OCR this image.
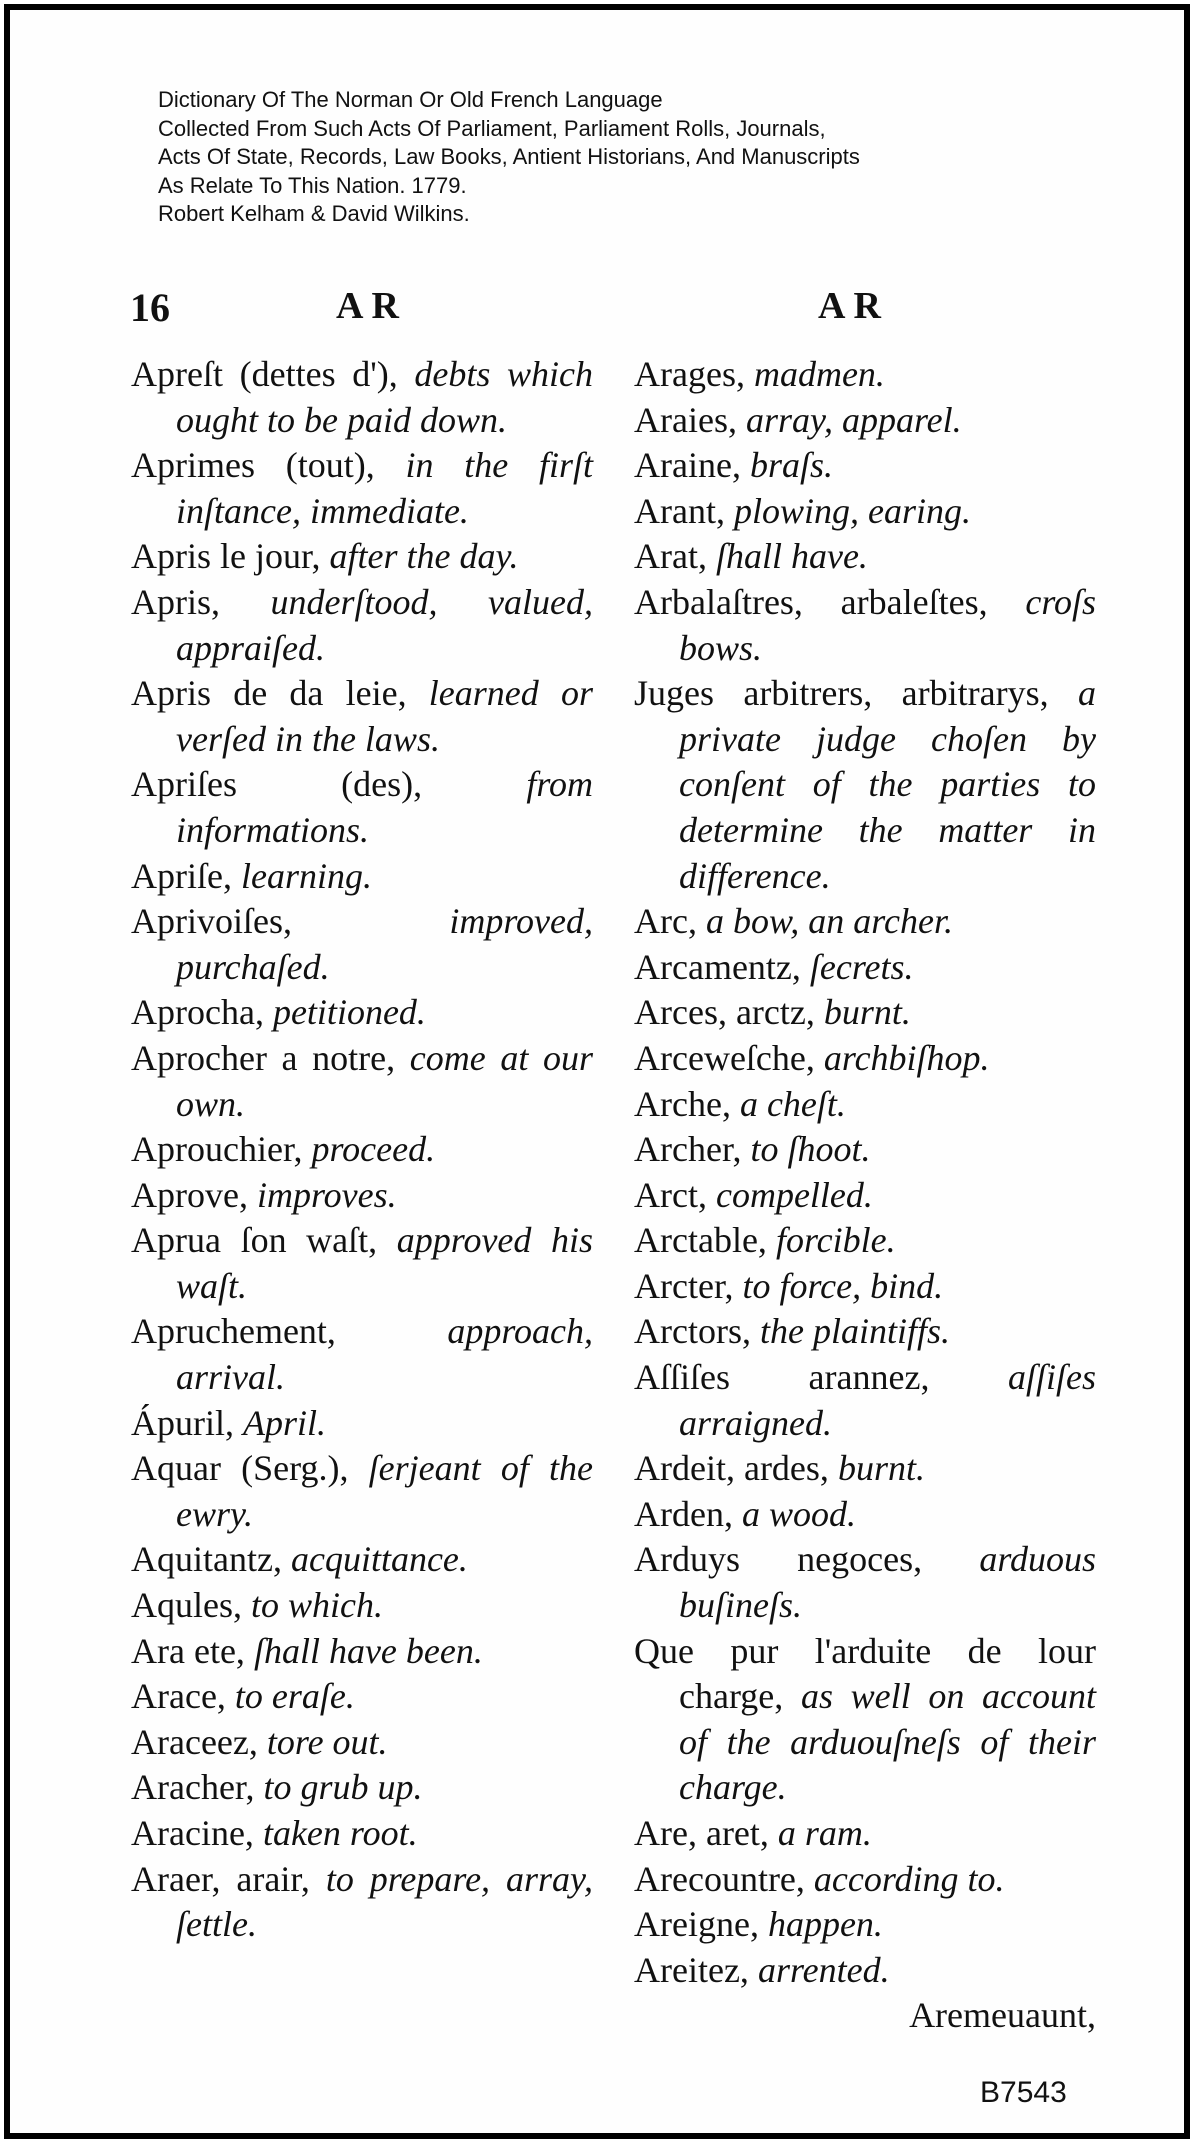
Dictionary Of The Norman Or Old French Language
Collected From Such Acts Of Parliament, Parliament Rolls, Journals,
Acts Of State, Records, Law Books, Antient Historians, And Manuscripts
As Relate To This Nation. 1779.
Robert Kelham & David Wilkins.
16	AR	AR

Apreſt (dettes d'), debts which ought to be paid down.

Aprimes (tout), in the firſt inſtance, immediate.

Apris le jour, after the day.

Apris, underſtood, valued, appraiſed.

Apris de da leie, learned or verſed in the laws.

Apriſes (des),	from informations.

Apriſe, learning.

Aprivoiſes,	improved, purchaſed.

Aprocha, petitioned.

Aprocher a notre, come at our own.

Aprouchier, proceed.

Aprove, improves.

Aprua ſon waſt, approved his waſt.

Apruchement,	approach, arrival.

Ápuril, April.

Aquar (Serg.), ſerjeant of the ewry.

Aquitantz, acquittance.

Aqules, to which.

Ara ete, ſhall have been.

Arace, to eraſe.

Araceez, tore out.

Aracher, to grub up.

Aracine, taken root.

Araer, arair, to prepare, array, ſettle.

Arages, madmen.

Araies, array, apparel.

Araine, braſs.

Arant, plowing, earing.

Arat, ſhall have.

Arbalaſtres, arbaleſtes, croſs bows.

Juges arbitrers, arbitrarys, a private judge choſen by conſent of the parties to determine the matter in difference.

Arc, a bow, an archer.

Arcamentz, ſecrets.

Arces, arctz, burnt.

Arceweſche, archbiſhop.

Arche, a cheſt.

Archer, to ſhoot.

Arct, compelled.

Arctable, forcible.

Arcter, to force, bind.

Arctors, the plaintiffs.

Aſſiſes arannez, aſſiſes arraigned.

Ardeit, ardes, burnt.

Arden, a wood.

Arduys negoces, arduous buſineſs.

Que pur l'arduite de lour charge, as well on account of the arduouſneſs of their charge.

Are, aret, a ram.

Arecountre, according to.

Areigne, happen.

Areitez, arrented.

Aremeuaunt,

B7543
